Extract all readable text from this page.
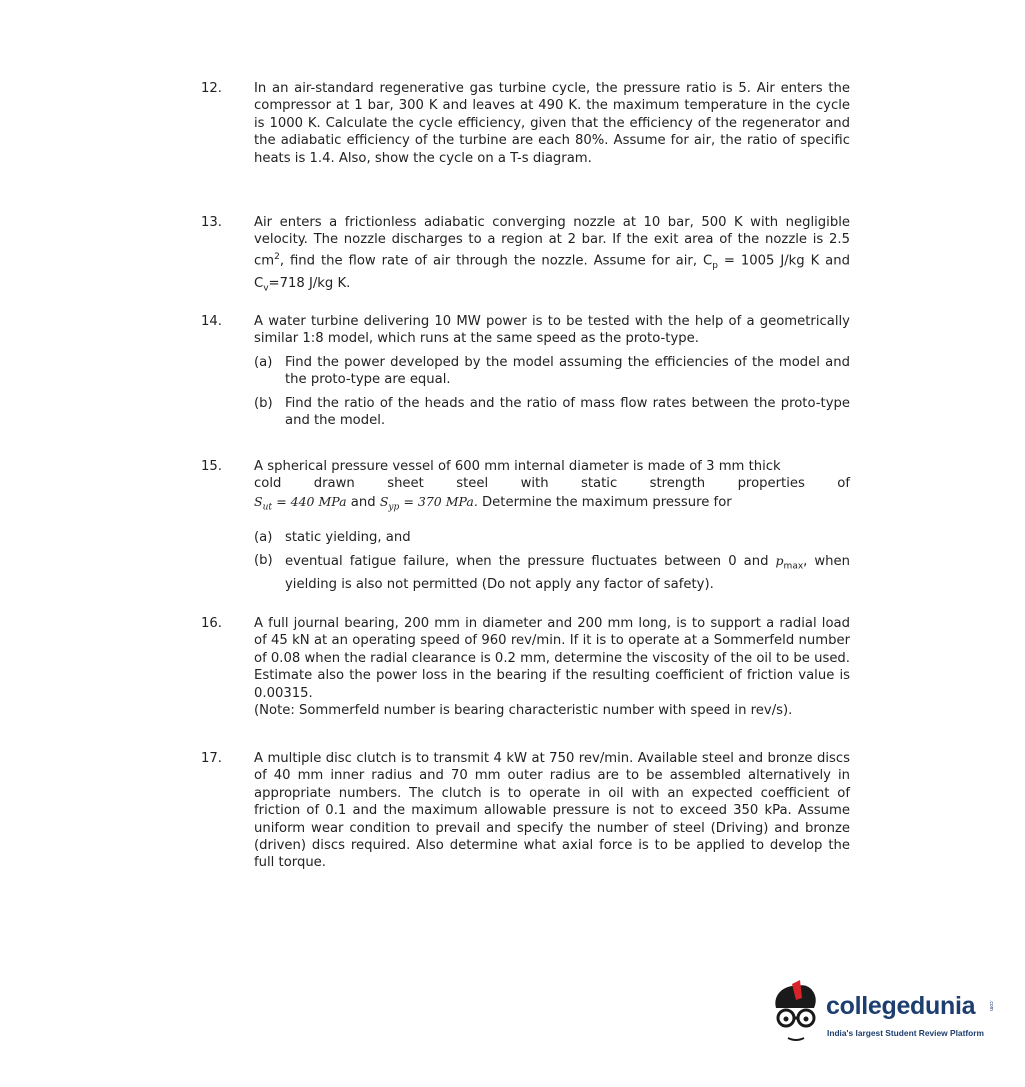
12.	In an air-standard regenerative gas turbine cycle, the pressure ratio is 5. Air enters the compressor at 1 bar, 300 K and leaves at 490 K. the maximum temperature in the cycle is 1000 K. Calculate the cycle efficiency, given that the efficiency of the regenerator and the adiabatic efficiency of the turbine are each 80%. Assume for air, the ratio of specific heats is 1.4. Also, show the cycle on a T-s diagram.

13.	Air enters a frictionless adiabatic converging nozzle at 10 bar, 500 K with negligible velocity. The nozzle discharges to a region at 2 bar. If the exit area of the nozzle is 2.5 $cm^2$, find the flow rate of air through the nozzle. Assume for air, $C_p = 1005$ J/kg K and $C_v=718$ J/kg K.

14.	A water turbine delivering 10 MW power is to be tested with the help of a geometrically similar 1:8 model, which runs at the same speed as the proto-type.

(a) Find the power developed by the model assuming the efficiencies of the model and the proto-type are equal.
(b) Find the ratio of the heads and the ratio of mass flow rates between the proto-type and the model.
15.	A spherical pressure vessel of 600 mm internal diameter is made of 3 mm thick
cold drawn sheet steel with static strength properties of
$S_{ut} = 440$ MPa and $S_{yp} = 370$ MPa. Determine the maximum pressure for
(a) static yielding, and
(b) eventual fatigue failure, when the pressure fluctuates between 0 and $p_{max}$, when yielding is also not permitted (Do not apply any factor of safety).
16.	A full journal bearing, 200 mm in diameter and 200 mm long, is to support a radial load of 45 kN at an operating speed of 960 rev/min. If it is to operate at a Sommerfeld number of 0.08 when the radial clearance is 0.2 mm, determine the viscosity of the oil to be used. Estimate also the power loss in the bearing if the resulting coefficient of friction value is 0.00315.

(Note: Sommerfeld number is bearing characteristic number with speed in rev/s).

17.	A multiple disc clutch is to transmit 4 kW at 750 rev/min. Available steel and bronze discs of 40 mm inner radius and 70 mm outer radius are to be assembled alternatively in appropriate numbers. The clutch is to operate in oil with an expected coefficient of friction of 0.1 and the maximum allowable pressure is not to exceed 350 kPa. Assume uniform wear condition to prevail and specify the number of steel (Driving) and bronze (driven) discs required. Also determine what axial force is to be applied to develop the full torque.

collegedunia	.com
India's largest Student Review Platform
